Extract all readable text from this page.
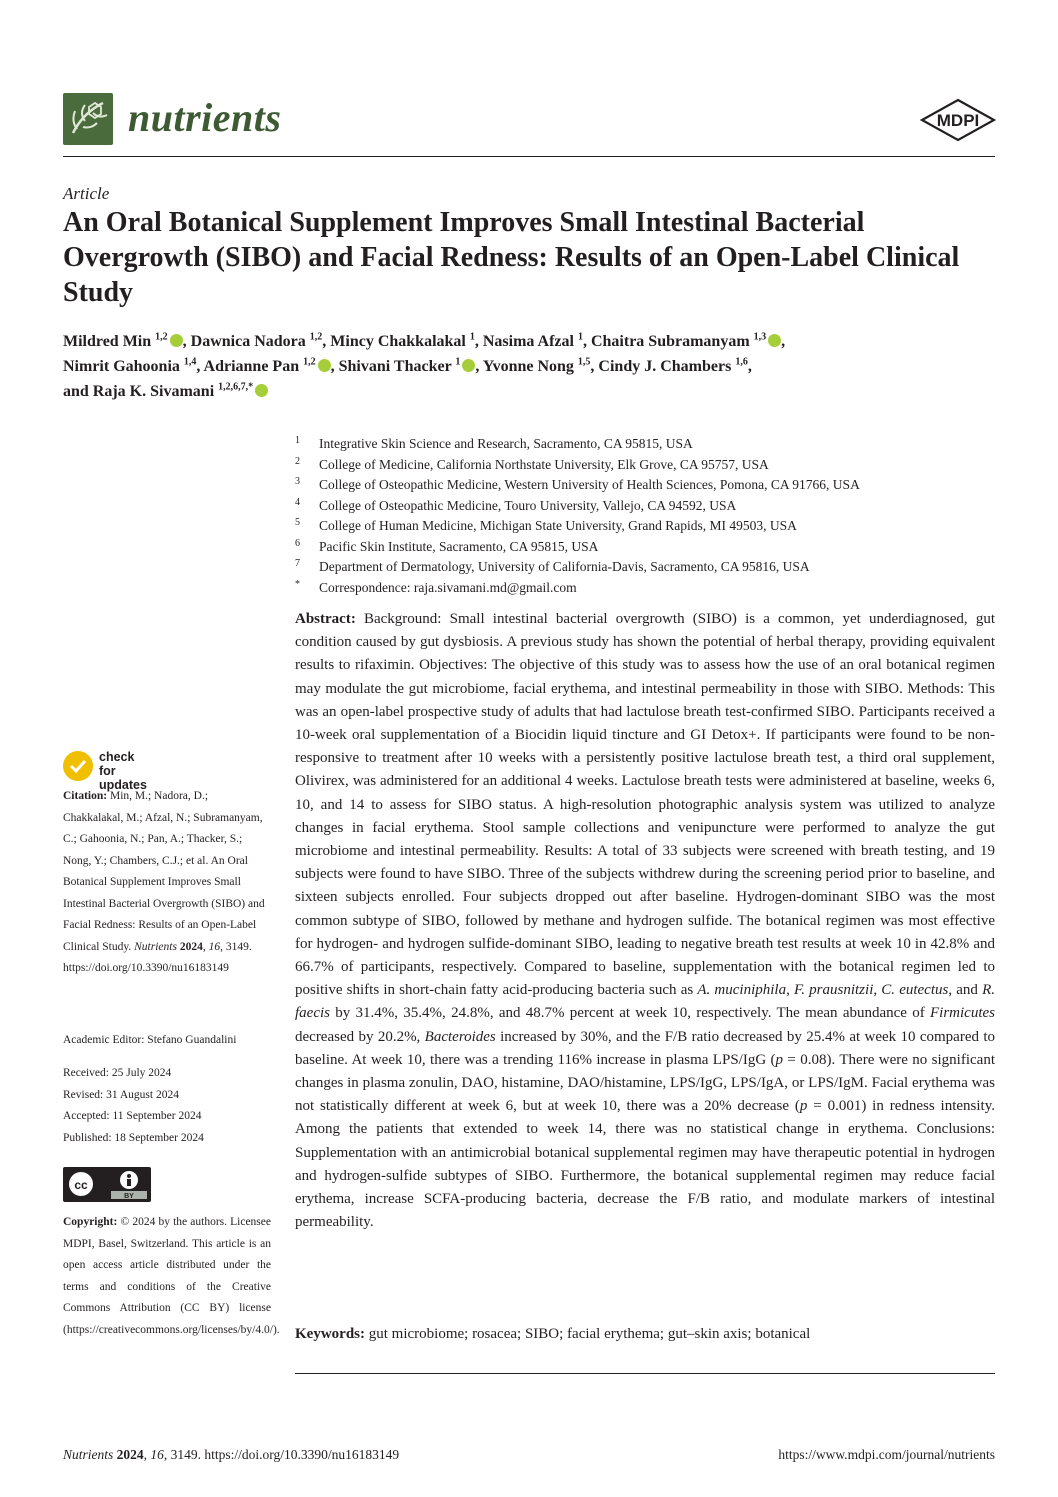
nutrients	MDPI
Article
An Oral Botanical Supplement Improves Small Intestinal Bacterial Overgrowth (SIBO) and Facial Redness: Results of an Open-Label Clinical Study
Mildred Min $^{1,2}$ , Dawnica Nadora $^{1,2}$, Mincy Chakkalakal $^1$, Nasima Afzal $^1$, Chaitra Subramanyam $^{1,3}$ ,
Nimrit Gahoonia $^{1,4}$, Adrianne Pan $^{1,2}$ , Shivani Thacker $^1$ , Yvonne Nong $^{1,5}$, Cindy J. Chambers $^{1,6}$,
and Raja K. Sivamani $^{1,2,6,7,*}$
1 Integrative Skin Science and Research, Sacramento, CA 95815, USA
2 College of Medicine, California Northstate University, Elk Grove, CA 95757, USA
3 College of Osteopathic Medicine, Western University of Health Sciences, Pomona, CA 91766, USA
4 College of Osteopathic Medicine, Touro University, Vallejo, CA 94592, USA
5 College of Human Medicine, Michigan State University, Grand Rapids, MI 49503, USA
6 Pacific Skin Institute, Sacramento, CA 95815, USA
7 Department of Dermatology, University of California-Davis, Sacramento, CA 95816, USA
* Correspondence: raja.sivamani.md@gmail.com
Abstract: Background: Small intestinal bacterial overgrowth (SIBO) is a common, yet underdiagnosed, gut condition caused by gut dysbiosis. A previous study has shown the potential of herbal therapy, providing equivalent results to rifaximin. Objectives: The objective of this study was to assess how the use of an oral botanical regimen may modulate the gut microbiome, facial erythema, and intestinal permeability in those with SIBO. Methods: This was an open-label prospective study of adults that had lactulose breath test-confirmed SIBO. Participants received a 10-week oral supplementation of a Biocidin liquid tincture and GI Detox+. If participants were found to be non-responsive to treatment after 10 weeks with a persistently positive lactulose breath test, a third oral supplement, Olivirex, was administered for an additional 4 weeks. Lactulose breath tests were administered at baseline, weeks 6, 10, and 14 to assess for SIBO status. A high-resolution photographic analysis system was utilized to analyze changes in facial erythema. Stool sample collections and venipuncture were performed to analyze the gut microbiome and intestinal permeability. Results: A total of 33 subjects were screened with breath testing, and 19 subjects were found to have SIBO. Three of the subjects withdrew during the screening period prior to baseline, and sixteen subjects enrolled. Four subjects dropped out after baseline. Hydrogen-dominant SIBO was the most common subtype of SIBO, followed by methane and hydrogen sulfide. The botanical regimen was most effective for hydrogen- and hydrogen sulfide-dominant SIBO, leading to negative breath test results at week 10 in 42.8% and 66.7% of participants, respectively. Compared to baseline, supplementation with the botanical regimen led to positive shifts in short-chain fatty acid-producing bacteria such as A. muciniphila, F. prausnitzii, C. eutectus, and R. faecis by 31.4%, 35.4%, 24.8%, and 48.7% percent at week 10, respectively. The mean abundance of Firmicutes decreased by 20.2%, Bacteroides increased by 30%, and the F/B ratio decreased by 25.4% at week 10 compared to baseline. At week 10, there was a trending 116% increase in plasma LPS/IgG (p = 0.08). There were no significant changes in plasma zonulin, DAO, histamine, DAO/histamine, LPS/IgG, LPS/IgA, or LPS/IgM. Facial erythema was not statistically different at week 6, but at week 10, there was a 20% decrease (p = 0.001) in redness intensity. Among the patients that extended to week 14, there was no statistical change in erythema. Conclusions: Supplementation with an antimicrobial botanical supplemental regimen may have therapeutic potential in hydrogen and hydrogen-sulfide subtypes of SIBO. Furthermore, the botanical supplemental regimen may reduce facial erythema, increase SCFA-producing bacteria, decrease the F/B ratio, and modulate markers of intestinal permeability.
Keywords: gut microbiome; rosacea; SIBO; facial erythema; gut–skin axis; botanical
check for
updates
Citation: Min, M.; Nadora, D.; Chakkalakal, M.; Afzal, N.; Subramanyam, C.; Gahoonia, N.; Pan, A.; Thacker, S.; Nong, Y.; Chambers, C.J.; et al. An Oral Botanical Supplement Improves Small Intestinal Bacterial Overgrowth (SIBO) and Facial Redness: Results of an Open-Label Clinical Study. Nutrients 2024, 16, 3149. https://doi.org/10.3390/nu16183149
Academic Editor: Stefano Guandalini
Received: 25 July 2024
Revised: 31 August 2024
Accepted: 11 September 2024
Published: 18 September 2024
cc
BY
Copyright: © 2024 by the authors. Licensee MDPI, Basel, Switzerland. This article is an open access article distributed under the terms and conditions of the Creative Commons Attribution (CC BY) license (https://creativecommons.org/licenses/by/4.0/).
Nutrients 2024, 16, 3149. https://doi.org/10.3390/nu16183149	https://www.mdpi.com/journal/nutrients
